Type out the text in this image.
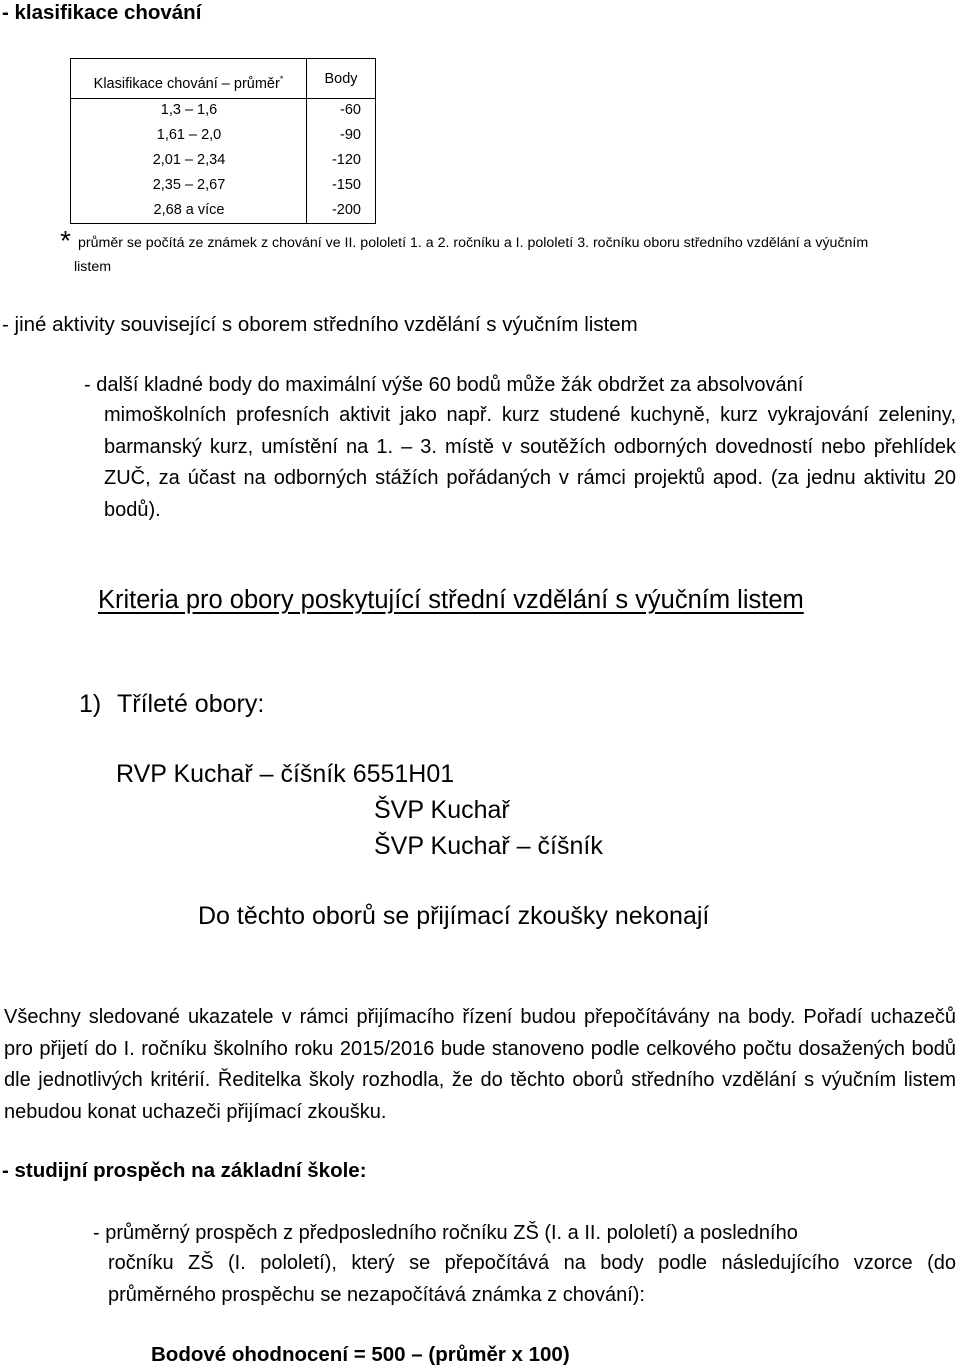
- klasifikace chování

Klasifikace chování – průměr*	Body
1,3 – 1,6	-60
1,61 – 2,0	-90
2,01 – 2,34	-120
2,35 – 2,67	-150
2,68 a více	-200
* průměr se počítá ze známek z chování ve II. pololetí 1. a 2. ročníku a I. pololetí 3. ročníku oboru středního vzdělání a výučním
listem

- jiné aktivity související s oborem středního vzdělání s výučním listem

- další kladné body do maximální výše 60 bodů může žák obdržet za absolvování

mimoškolních profesních aktivit jako např. kurz studené kuchyně, kurz vykrajování zeleniny, barmanský kurz, umístění na 1. – 3. místě v soutěžích odborných dovedností nebo přehlídek ZUČ, za účast na odborných stážích pořádaných v rámci projektů apod. (za jednu aktivitu 20 bodů).

Kriteria pro obory poskytující střední vzdělání s výučním listem

1) Tříleté obory:

RVP Kuchař – číšník 6551H01

ŠVP Kuchař

ŠVP Kuchař – číšník

Do těchto oborů se přijímací zkoušky nekonají

Všechny sledované ukazatele v rámci přijímacího řízení budou přepočítávány na body. Pořadí uchazečů pro přijetí do I. ročníku školního roku 2015/2016 bude stanoveno podle celkového počtu dosažených bodů dle jednotlivých kritérií. Ředitelka školy rozhodla, že do těchto oborů středního vzdělání s výučním listem nebudou konat uchazeči přijímací zkoušku.

- studijní prospěch na základní škole:

- průměrný prospěch z předposledního ročníku ZŠ (I. a II. pololetí) a posledního

ročníku ZŠ (I. pololetí), který se přepočítává na body podle následujícího vzorce (do průměrného prospěchu se nezapočítává známka z chování):

Bodové ohodnocení = 500 – (průměr x 100)
